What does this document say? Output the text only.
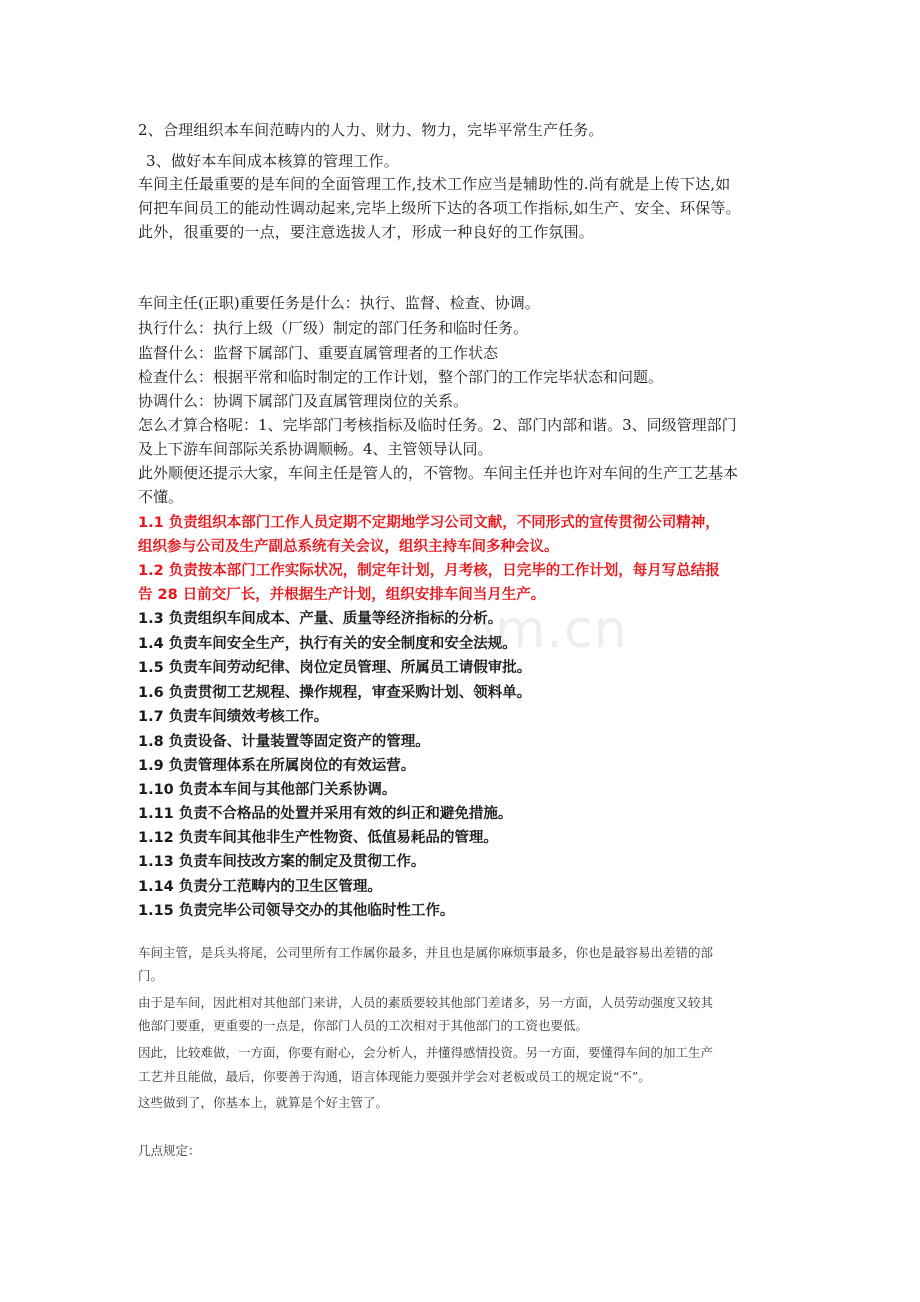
om.cn
2、合理组织本车间范畴内的人力、财力、物力，完毕平常生产任务。
3、做好本车间成本核算的管理工作。
车间主任最重要的是车间的全面管理工作,技术工作应当是辅助性的.尚有就是上传下达,如
何把车间员工的能动性调动起来,完毕上级所下达的各项工作指标,如生产、安全、环保等。
此外，很重要的一点，要注意选拔人才，形成一种良好的工作氛围。
车间主任(正职)重要任务是什么：执行、监督、检查、协调。
执行什么：执行上级（厂级）制定的部门任务和临时任务。
监督什么：监督下属部门、重要直属管理者的工作状态
检查什么：根据平常和临时制定的工作计划，整个部门的工作完毕状态和问题。
协调什么：协调下属部门及直属管理岗位的关系。
怎么才算合格呢：1、完毕部门考核指标及临时任务。2、部门内部和谐。3、同级管理部门
及上下游车间部际关系协调顺畅。4、主管领导认同。
此外顺便还提示大家，车间主任是管人的，不管物。车间主任并也许对车间的生产工艺基本
不懂。
1.1 负责组织本部门工作人员定期不定期地学习公司文献，不同形式的宣传贯彻公司精神，
组织参与公司及生产副总系统有关会议，组织主持车间多种会议。
1.2 负责按本部门工作实际状况，制定年计划，月考核，日完毕的工作计划，每月写总结报
告 28 日前交厂长，并根据生产计划，组织安排车间当月生产。
1.3 负责组织车间成本、产量、质量等经济指标的分析。
1.4 负责车间安全生产，执行有关的安全制度和安全法规。
1.5 负责车间劳动纪律、岗位定员管理、所属员工请假审批。
1.6 负责贯彻工艺规程、操作规程，审查采购计划、领料单。
1.7 负责车间绩效考核工作。
1.8 负责设备、计量装置等固定资产的管理。
1.9 负责管理体系在所属岗位的有效运营。
1.10 负责本车间与其他部门关系协调。
1.11 负责不合格品的处置并采用有效的纠正和避免措施。
1.12 负责车间其他非生产性物资、低值易耗品的管理。
1.13 负责车间技改方案的制定及贯彻工作。
1.14 负责分工范畴内的卫生区管理。
1.15 负责完毕公司领导交办的其他临时性工作。
车间主管，是兵头将尾，公司里所有工作属你最多，并且也是属你麻烦事最多，你也是最容易出差错的部
门。
由于是车间，因此相对其他部门来讲，人员的素质要较其他部门差诸多，另一方面，人员劳动强度又较其
他部门要重，更重要的一点是，你部门人员的工次相对于其他部门的工资也要低。
因此，比较难做，一方面，你要有耐心，会分析人，并懂得感情投资。另一方面，要懂得车间的加工生产
工艺并且能做，最后，你要善于沟通，语言体现能力要强并学会对老板或员工的规定说“不”。
这些做到了，你基本上，就算是个好主管了。
几点规定：
